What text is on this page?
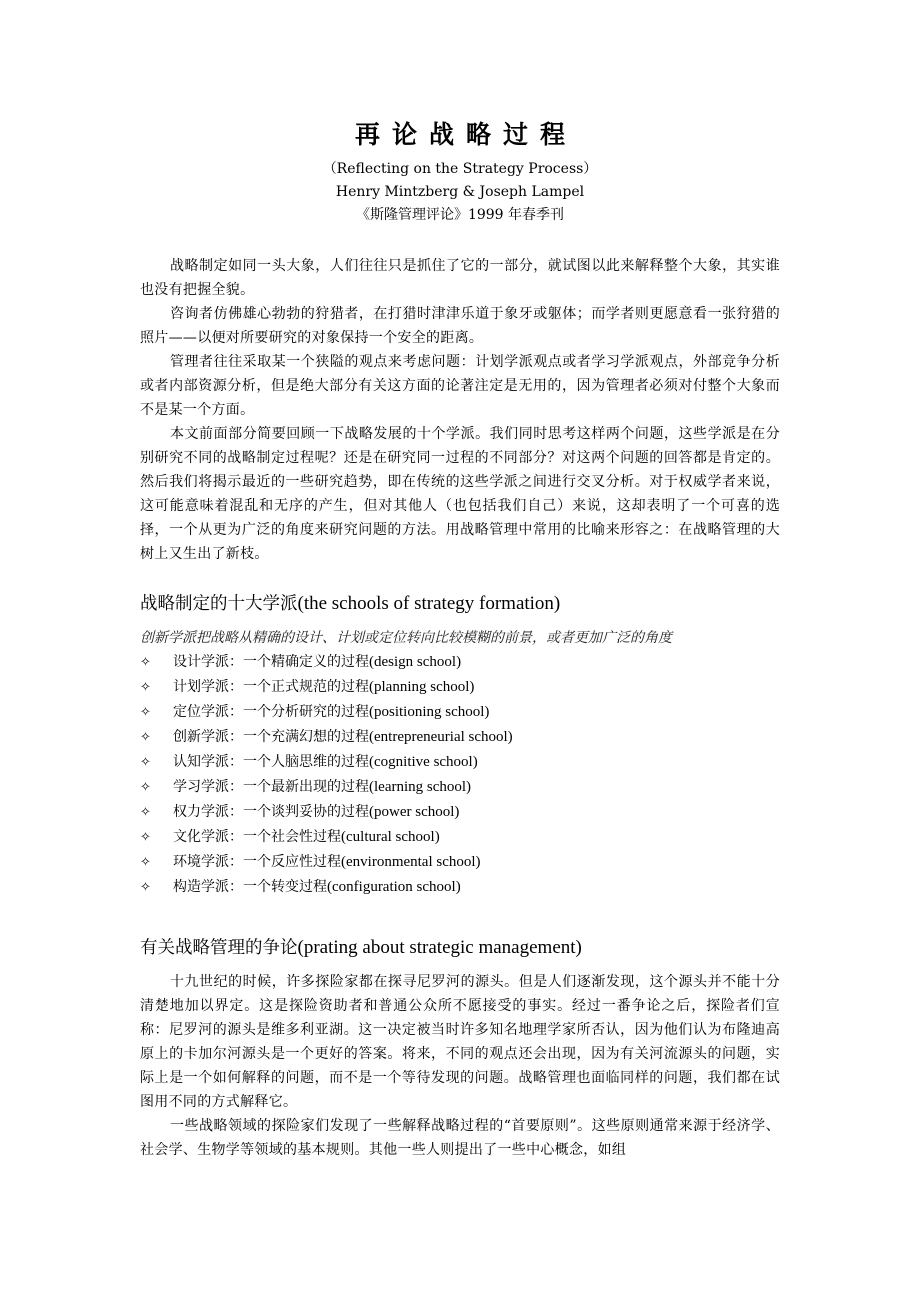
再论战略过程

（Reflecting on the Strategy Process）

Henry Mintzberg & Joseph Lampel

《斯隆管理评论》1999 年春季刊

战略制定如同一头大象，人们往往只是抓住了它的一部分，就试图以此来解释整个大象，其实谁也没有把握全貌。

咨询者仿佛雄心勃勃的狩猎者，在打猎时津津乐道于象牙或躯体；而学者则更愿意看一张狩猎的照片——以便对所要研究的对象保持一个安全的距离。

管理者往往采取某一个狭隘的观点来考虑问题：计划学派观点或者学习学派观点，外部竞争分析或者内部资源分析，但是绝大部分有关这方面的论著注定是无用的，因为管理者必须对付整个大象而不是某一个方面。

本文前面部分简要回顾一下战略发展的十个学派。我们同时思考这样两个问题，这些学派是在分别研究不同的战略制定过程呢？还是在研究同一过程的不同部分？对这两个问题的回答都是肯定的。然后我们将揭示最近的一些研究趋势，即在传统的这些学派之间进行交叉分析。对于权威学者来说，这可能意味着混乱和无序的产生，但对其他人（也包括我们自己）来说，这却表明了一个可喜的选择，一个从更为广泛的角度来研究问题的方法。用战略管理中常用的比喻来形容之：在战略管理的大树上又生出了新枝。

战略制定的十大学派(the schools of strategy formation)

创新学派把战略从精确的设计、计划或定位转向比较模糊的前景，或者更加广泛的角度

✧	设计学派：一个精确定义的过程 (design school)
✧	计划学派：一个正式规范的过程 (planning school)
✧	定位学派：一个分析研究的过程 (positioning school)
✧	创新学派：一个充满幻想的过程 (entrepreneurial school)
✧	认知学派：一个人脑思维的过程 (cognitive school)
✧	学习学派：一个最新出现的过程 (learning school)
✧	权力学派：一个谈判妥协的过程 (power school)
✧	文化学派：一个社会性过程 (cultural school)
✧	环境学派：一个反应性过程 (environmental school)
✧	构造学派：一个转变过程 (configuration school)
有关战略管理的争论(prating about strategic management)

十九世纪的时候，许多探险家都在探寻尼罗河的源头。但是人们逐渐发现，这个源头并不能十分清楚地加以界定。这是探险资助者和普通公众所不愿接受的事实。经过一番争论之后，探险者们宣称：尼罗河的源头是维多利亚湖。这一决定被当时许多知名地理学家所否认，因为他们认为布隆迪高原上的卡加尔河源头是一个更好的答案。将来，不同的观点还会出现，因为有关河流源头的问题，实际上是一个如何解释的问题，而不是一个等待发现的问题。战略管理也面临同样的问题，我们都在试图用不同的方式解释它。

一些战略领域的探险家们发现了一些解释战略过程的“首要原则”。这些原则通常来源于经济学、社会学、生物学等领域的基本规则。其他一些人则提出了一些中心概念，如组
